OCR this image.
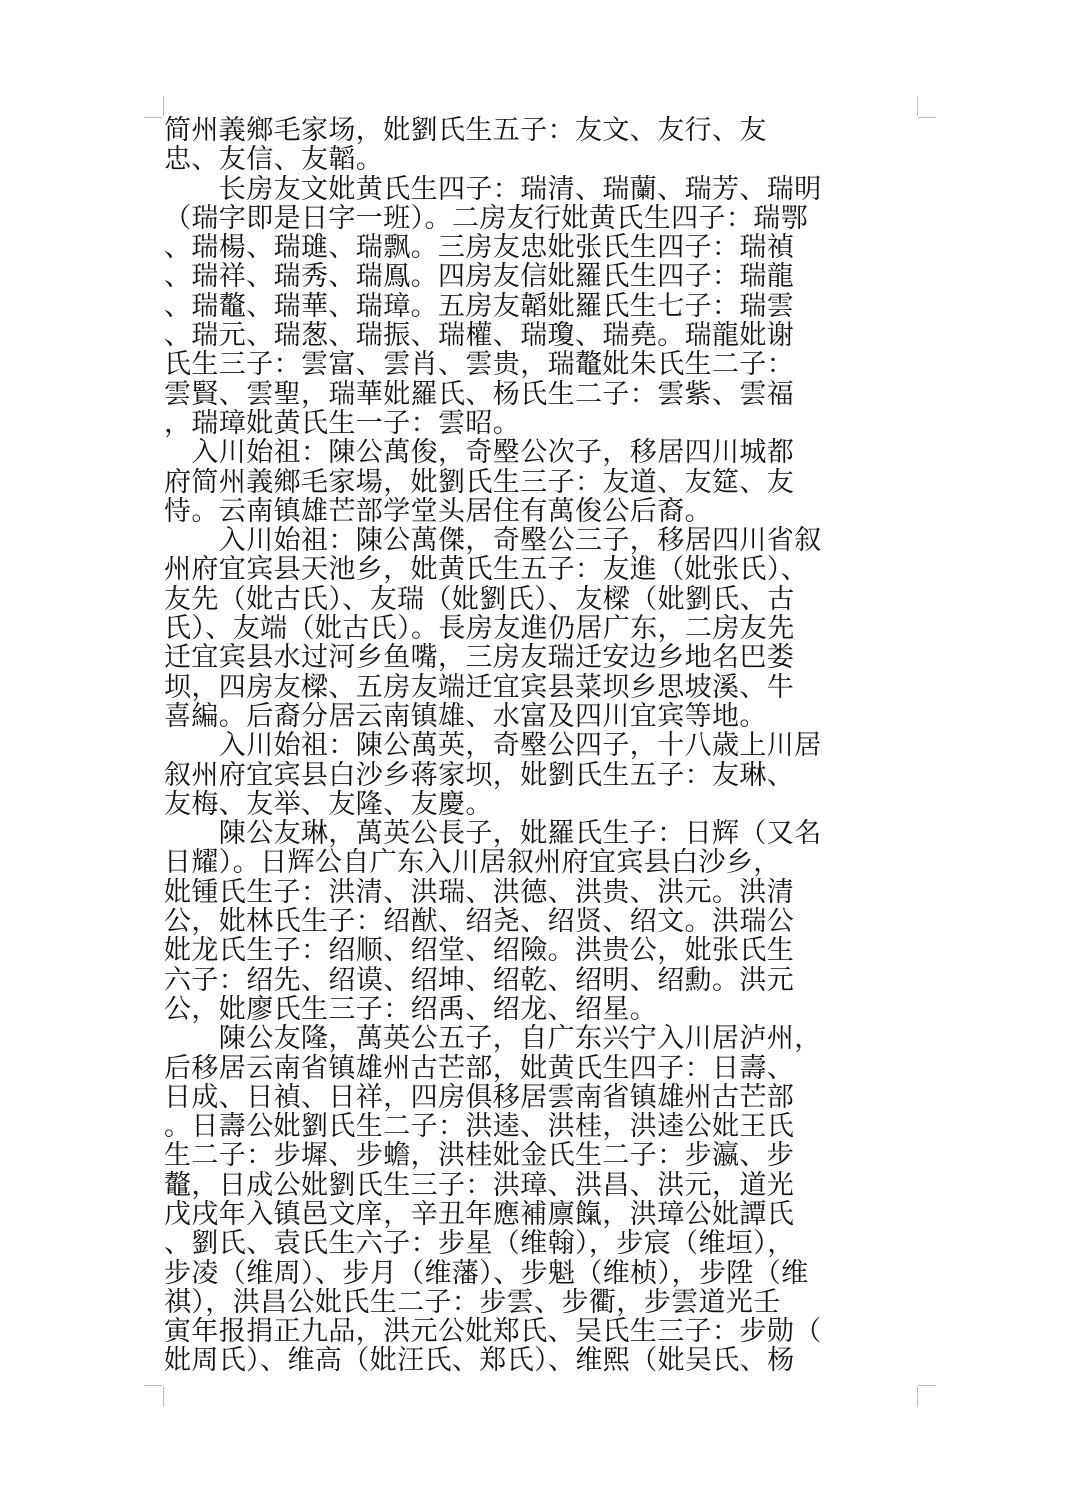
简州義鄉毛家场，妣劉氏生五子：友文、友行、友
忠、友信、友韜。
　　长房友文妣黄氏生四子：瑞清、瑞蘭、瑞芳、瑞明
（瑞字即是日字一班）。二房友行妣黄氏生四子：瑞鄂
、瑞楊、瑞璡、瑞飘。三房友忠妣张氏生四子：瑞禎
、瑞祥、瑞秀、瑞鳯。四房友信妣羅氏生四子：瑞龍
、瑞鼇、瑞華、瑞璋。五房友韜妣羅氏生七子：瑞雲
、瑞元、瑞葱、瑞振、瑞權、瑞瓊、瑞堯。瑞龍妣谢
氏生三子：雲富、雲肖、雲贵，瑞鼇妣朱氏生二子：
雲賢、雲聖，瑞華妣羅氏、杨氏生二子：雲紫、雲福
，瑞璋妣黄氏生一子：雲昭。
　入川始祖：陳公萬俊，奇壂公次子，移居四川城都
府简州義鄉毛家場，妣劉氏生三子：友道、友筵、友
恃。云南镇雄芒部学堂头居住有萬俊公后裔。
　　入川始祖：陳公萬傑，奇壂公三子，移居四川省叙
州府宜宾县天池乡，妣黄氏生五子：友進（妣张氏）、
友先（妣古氏）、友瑞（妣劉氏）、友樑（妣劉氏、古
氏）、友端（妣古氏）。長房友進仍居广东，二房友先
迁宜宾县水过河乡鱼嘴，三房友瑞迁安边乡地名巴娄
坝，四房友樑、五房友端迁宜宾县菜坝乡思坡溪、牛
喜編。后裔分居云南镇雄、水富及四川宜宾等地。
　　入川始祖：陳公萬英，奇壂公四子，十八歳上川居
叙州府宜宾县白沙乡蒋家坝，妣劉氏生五子：友琳、
友梅、友举、友隆、友慶。
　　陳公友琳，萬英公長子，妣羅氏生子：日辉（又名
日耀）。日辉公自广东入川居叙州府宜宾县白沙乡，
妣锺氏生子：洪清、洪瑞、洪德、洪贵、洪元。洪清
公，妣林氏生子：绍猷、绍尧、绍贤、绍文。洪瑞公
妣龙氏生子：绍顺、绍堂、绍險。洪贵公，妣张氏生
六子：绍先、绍谟、绍坤、绍乾、绍明、绍勳。洪元
公，妣廖氏生三子：绍禹、绍龙、绍星。
　　陳公友隆，萬英公五子，自广东兴宁入川居泸州，
后移居云南省镇雄州古芒部，妣黄氏生四子：日壽、
日成、日禎、日祥，四房俱移居雲南省镇雄州古芒部
。日壽公妣劉氏生二子：洪逵、洪桂，洪逵公妣王氏
生二子：步墀、步蟾，洪桂妣金氏生二子：步瀛、步
鼇，日成公妣劉氏生三子：洪璋、洪昌、洪元，道光
戊戌年入镇邑文庠，辛丑年應補廪餼，洪璋公妣譚氏
、劉氏、袁氏生六子：步星（维翰），步宸（维垣），
步凌（维周）、步月（维藩）、步魁（维桢），步陞（维
祺），洪昌公妣氏生二子：步雲、步衢，步雲道光壬
寅年报捐正九品，洪元公妣郑氏、吴氏生三子：步勋（
妣周氏）、维高（妣汪氏、郑氏）、维熙（妣吴氏、杨
